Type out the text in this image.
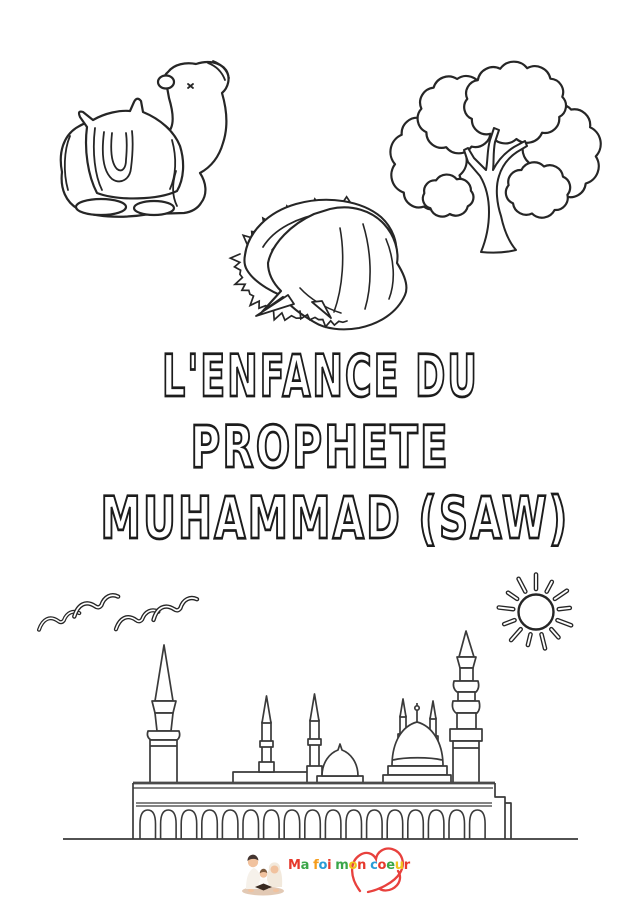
L'ENFANCE DU
PROPHETE
MUHAMMAD (SAW)
Ma foi mon coeur
